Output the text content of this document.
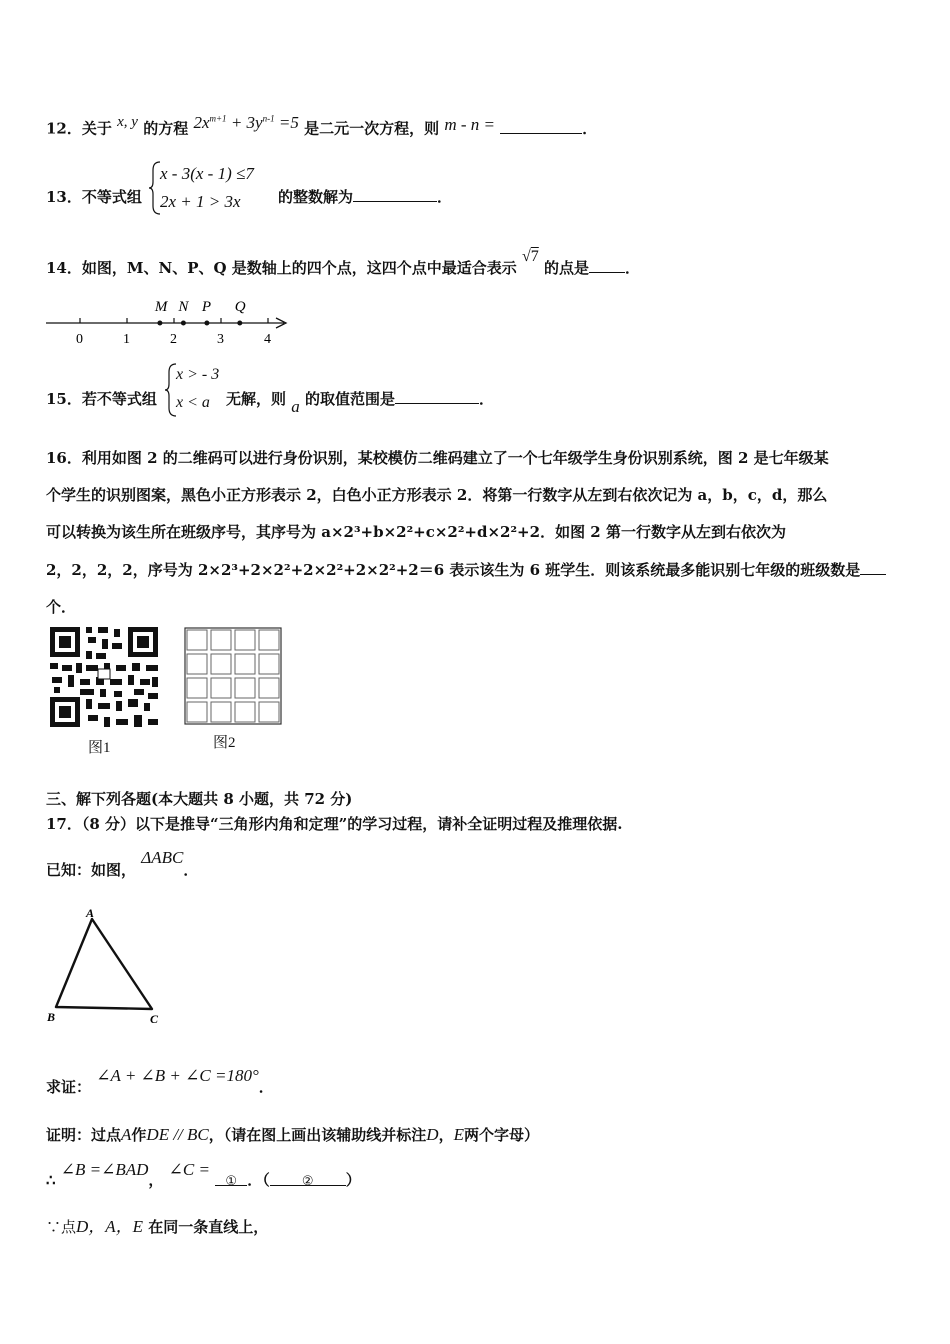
12．关于 x, y 的方程 $2x^{m+1} + 3y^{n-1} =5$ 是二元一次方程，则 m - n =	．
13．不等式组
x - 3(x - 1) ≤7
2x + 1 > 3x 的整数解为	．
14．如图，M、N、P、Q 是数轴上的四个点，这四个点中最适合表示 √7 的点是 ．
0	1	2	3	4
M N P Q
15．若不等式组
x > - 3
x < a 无解，则 a 的取值范围是	．
16．利用如图 2 的二维码可以进行身份识别，某校模仿二维码建立了一个七年级学生身份识别系统，图 2 是七年级某
个学生的识别图案，黑色小正方形表示 2，白色小正方形表示 2．将第一行数字从左到右依次记为 a，b，c，d，那么
可以转换为该生所在班级序号，其序号为 a×2³+b×2²+c×2²+d×2²+2．如图 2 第一行数字从左到右依次为
2，2，2，2，序号为 2×2³+2×2²+2×2²+2×2²+2＝6 表示该生为 6 班学生．则该系统最多能识别七年级的班级数是
个．
图1	图2
三、解下列各题(本大题共 8 小题，共 72 分)
17．（8 分）以下是推导“三角形内角和定理”的学习过程，请补全证明过程及推理依据.
已知：如图， ΔABC．
A
B	C
求证： ∠A + ∠B + ∠C =180°．
证明：过点A作DE // BC，（请在图上画出该辅助线并标注D，E两个字母）
∴ ∠B =∠BAD， ∠C = ① ．（ ② ）
∵点D，A，E 在同一条直线上，
